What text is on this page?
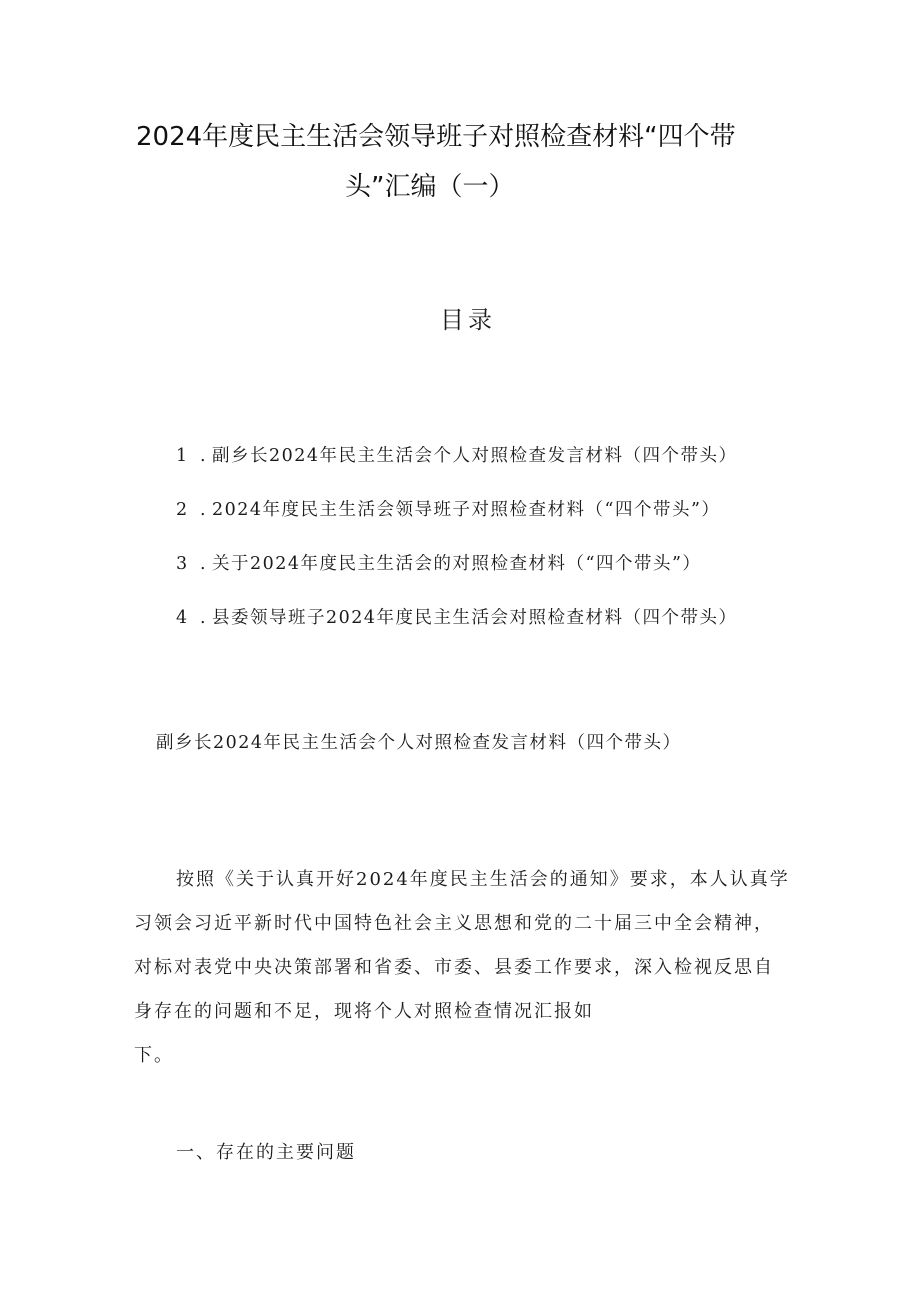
2024年度民主生活会领导班子对照检查材料“四个带
头”汇编（一）
目录
1 . 副乡长2024年民主生活会个人对照检查发言材料（四个带头）
2 . 2024年度民主生活会领导班子对照检查材料（“四个带头”）
3 . 关于2024年度民主生活会的对照检查材料（“四个带头”）
4 . 县委领导班子2024年度民主生活会对照检查材料（四个带头）
副乡长2024年民主生活会个人对照检查发言材料（四个带头）
按照《关于认真开好2024年度民主生活会的通知》要求，本人认真学
习领会习近平新时代中国特色社会主义思想和党的二十届三中全会精神，
对标对表党中央决策部署和省委、市委、县委工作要求，深入检视反思自
身存在的问题和不足，现将个人对照检查情况汇报如
下。
一、存在的主要问题
